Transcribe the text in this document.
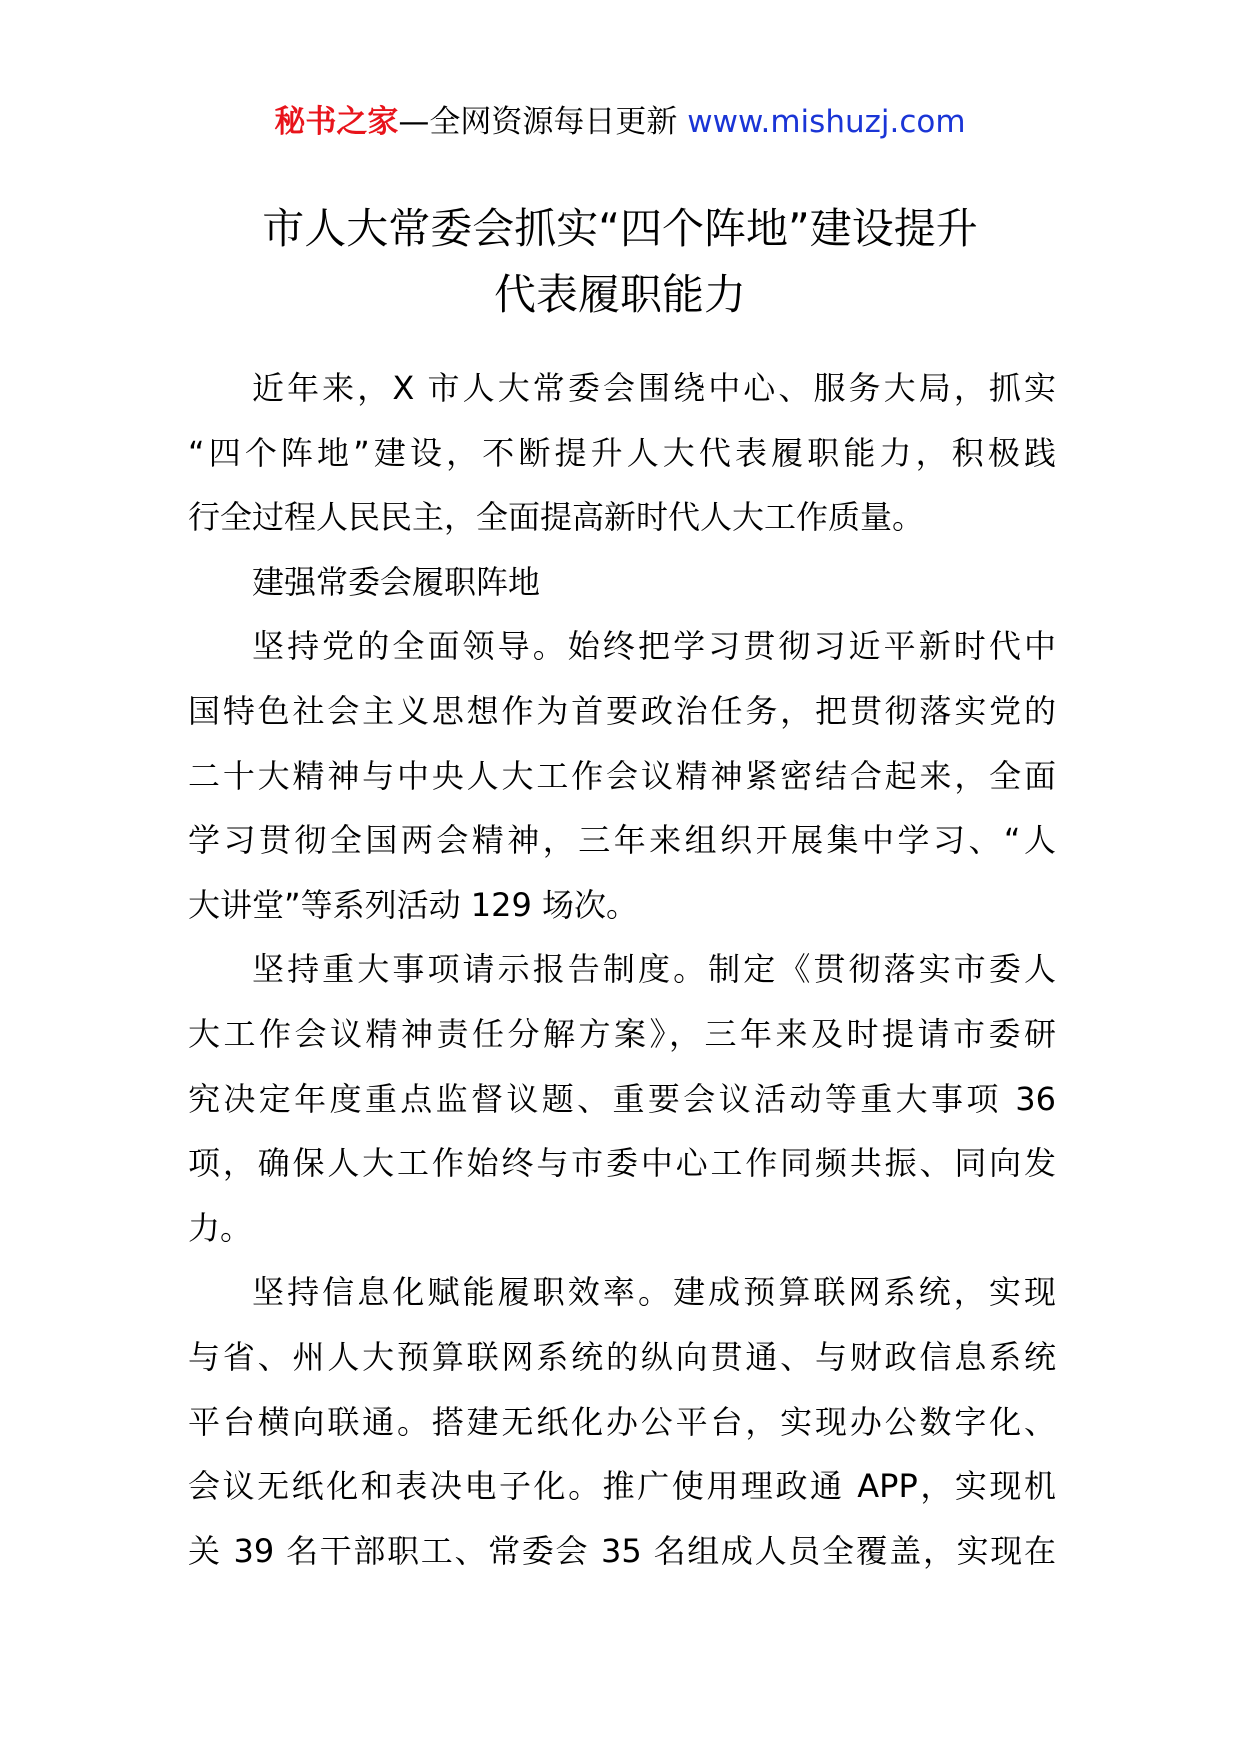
秘书之家—全网资源每日更新 www.mishuzj.com
市人大常委会抓实“四个阵地”建设提升
代表履职能力
近年来，X 市人大常委会围绕中心、服务大局，抓实
“四个阵地”建设，不断提升人大代表履职能力，积极践
行全过程人民民主，全面提高新时代人大工作质量。
建强常委会履职阵地
坚持党的全面领导。始终把学习贯彻习近平新时代中
国特色社会主义思想作为首要政治任务，把贯彻落实党的
二十大精神与中央人大工作会议精神紧密结合起来，全面
学习贯彻全国两会精神，三年来组织开展集中学习、“人
大讲堂”等系列活动 129 场次。
坚持重大事项请示报告制度。制定《贯彻落实市委人
大工作会议精神责任分解方案》，三年来及时提请市委研
究决定年度重点监督议题、重要会议活动等重大事项 36
项，确保人大工作始终与市委中心工作同频共振、同向发
力。
坚持信息化赋能履职效率。建成预算联网系统，实现
与省、州人大预算联网系统的纵向贯通、与财政信息系统
平台横向联通。搭建无纸化办公平台，实现办公数字化、
会议无纸化和表决电子化。推广使用理政通 APP，实现机
关 39 名干部职工、常委会 35 名组成人员全覆盖，实现在
